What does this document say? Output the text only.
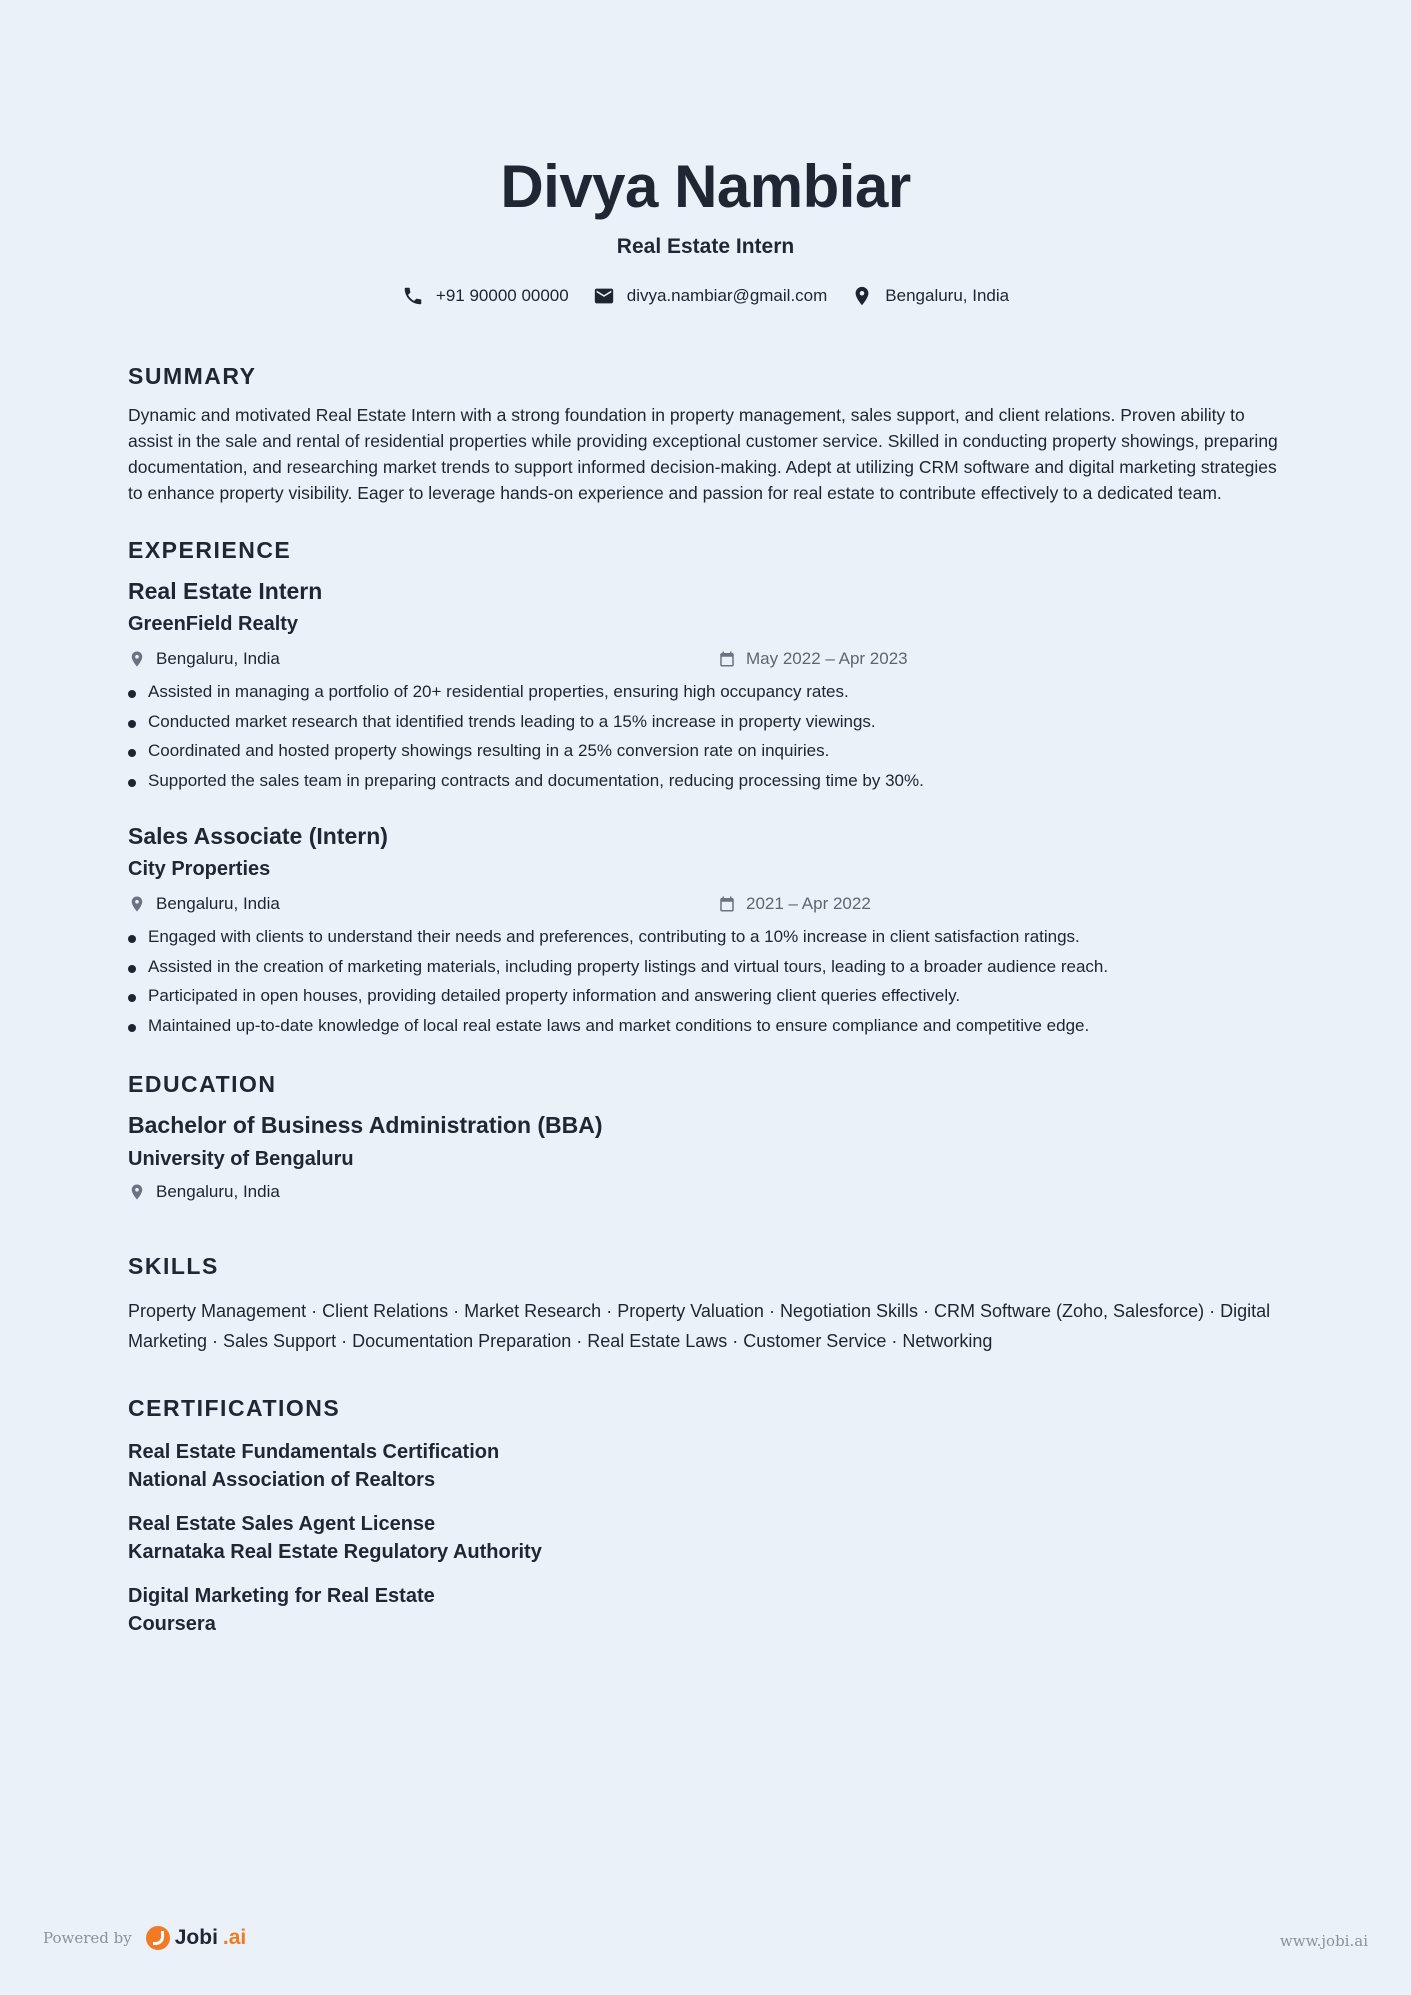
Divya Nambiar
Real Estate Intern
+91 90000 00000	divya.nambiar@gmail.com	Bengaluru, India
SUMMARY

Dynamic and motivated Real Estate Intern with a strong foundation in property management, sales support, and client relations. Proven ability to assist in the sale and rental of residential properties while providing exceptional customer service. Skilled in conducting property showings, preparing documentation, and researching market trends to support informed decision-making. Adept at utilizing CRM software and digital marketing strategies to enhance property visibility. Eager to leverage hands-on experience and passion for real estate to contribute effectively to a dedicated team.

EXPERIENCE
Real Estate Intern
GreenField Realty
Bengaluru, India	May 2022 – Apr 2023
Assisted in managing a portfolio of 20+ residential properties, ensuring high occupancy rates.
Conducted market research that identified trends leading to a 15% increase in property viewings.
Coordinated and hosted property showings resulting in a 25% conversion rate on inquiries.
Supported the sales team in preparing contracts and documentation, reducing processing time by 30%.
Sales Associate (Intern)
City Properties
Bengaluru, India	2021 – Apr 2022
Engaged with clients to understand their needs and preferences, contributing to a 10% increase in client satisfaction ratings.
Assisted in the creation of marketing materials, including property listings and virtual tours, leading to a broader audience reach.
Participated in open houses, providing detailed property information and answering client queries effectively.
Maintained up-to-date knowledge of local real estate laws and market conditions to ensure compliance and competitive edge.
EDUCATION
Bachelor of Business Administration (BBA)
University of Bengaluru
Bengaluru, India
SKILLS

Property Management · Client Relations · Market Research · Property Valuation · Negotiation Skills · CRM Software (Zoho, Salesforce) · Digital Marketing · Sales Support · Documentation Preparation · Real Estate Laws · Customer Service · Networking

CERTIFICATIONS
Real Estate Fundamentals Certification
National Association of Realtors
Real Estate Sales Agent License
Karnataka Real Estate Regulatory Authority
Digital Marketing for Real Estate
Coursera
Powered by Jobi .ai	www.jobi.ai
